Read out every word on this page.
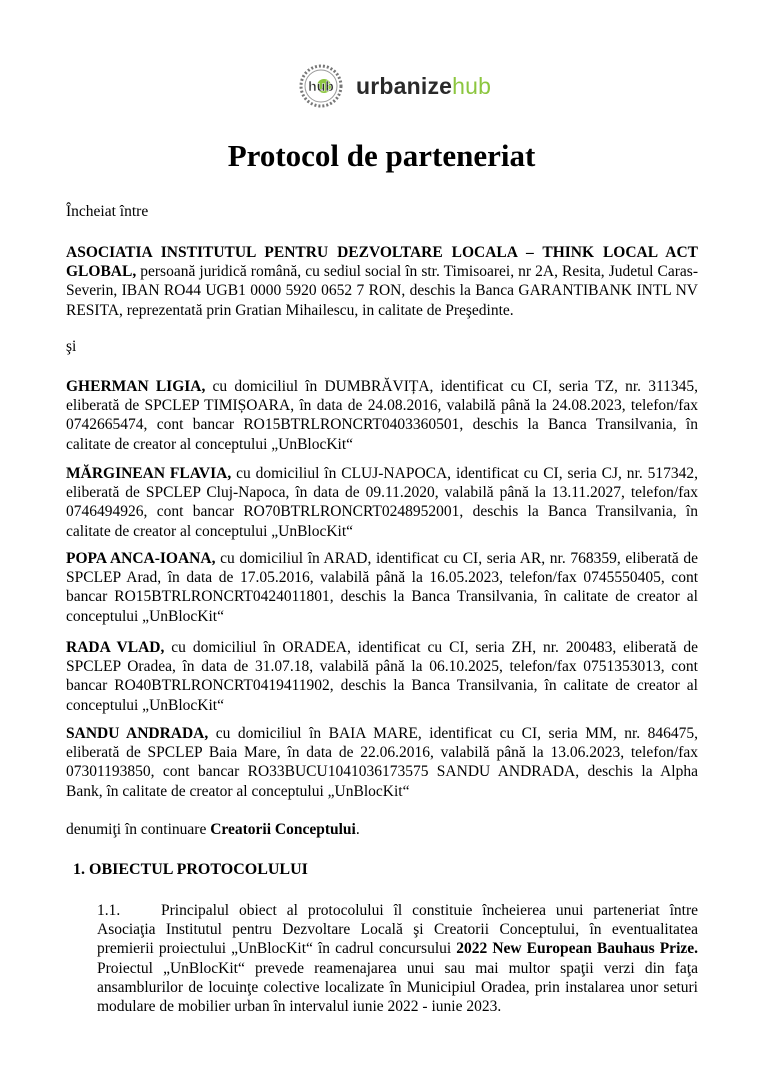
hub urbanizehub
Protocol de parteneriat

Încheiat între

ASOCIATIA INSTITUTUL PENTRU DEZVOLTARE LOCALA – THINK LOCAL ACT GLOBAL, persoană juridică română, cu sediul social în str. Timisoarei, nr 2A, Resita, Judetul Caras-Severin, IBAN RO44 UGB1 0000 5920 0652 7 RON, deschis la Banca GARANTIBANK INTL NV RESITA, reprezentată prin Gratian Mihailescu, in calitate de Preşedinte.

şi

GHERMAN LIGIA, cu domiciliul în DUMBRĂVIȚA, identificat cu CI, seria TZ, nr. 311345, eliberată de SPCLEP TIMIȘOARA, în data de 24.08.2016, valabilă până la 24.08.2023, telefon/fax 0742665474, cont bancar RO15BTRLRONCRT0403360501, deschis la Banca Transilvania, în calitate de creator al conceptului „UnBlocKit“

MĂRGINEAN FLAVIA, cu domiciliul în CLUJ-NAPOCA, identificat cu CI, seria CJ, nr. 517342, eliberată de SPCLEP Cluj-Napoca, în data de 09.11.2020, valabilă până la 13.11.2027, telefon/fax 0746494926, cont bancar RO70BTRLRONCRT0248952001, deschis la Banca Transilvania, în calitate de creator al conceptului „UnBlocKit“

POPA ANCA-IOANA, cu domiciliul în ARAD, identificat cu CI, seria AR, nr. 768359, eliberată de SPCLEP Arad, în data de 17.05.2016, valabilă până la 16.05.2023, telefon/fax 0745550405, cont bancar RO15BTRLRONCRT0424011801, deschis la Banca Transilvania, în calitate de creator al conceptului „UnBlocKit“

RADA VLAD, cu domiciliul în ORADEA, identificat cu CI, seria ZH, nr. 200483, eliberată de SPCLEP Oradea, în data de 31.07.18, valabilă până la 06.10.2025, telefon/fax 0751353013, cont bancar RO40BTRLRONCRT0419411902, deschis la Banca Transilvania, în calitate de creator al conceptului „UnBlocKit“

SANDU ANDRADA, cu domiciliul în BAIA MARE, identificat cu CI, seria MM, nr. 846475, eliberată de SPCLEP Baia Mare, în data de 22.06.2016, valabilă până la 13.06.2023, telefon/fax 07301193850, cont bancar RO33BUCU1041036173575 SANDU ANDRADA, deschis la Alpha Bank, în calitate de creator al conceptului „UnBlocKit“

denumiţi în continuare Creatorii Conceptului.

1. OBIECTUL PROTOCOLULUI

1.1.	Principalul obiect al protocolului îl constituie încheierea unui parteneriat între Asociaţia Institutul pentru Dezvoltare Locală şi Creatorii Conceptului, în eventualitatea premierii proiectului „UnBlocKit“ în cadrul concursului 2022 New European Bauhaus Prize. Proiectul „UnBlocKit“ prevede reamenajarea unui sau mai multor spaţii verzi din faţa ansamblurilor de locuinţe colective localizate în Municipiul Oradea, prin instalarea unor seturi modulare de mobilier urban în intervalul iunie 2022 - iunie 2023.
